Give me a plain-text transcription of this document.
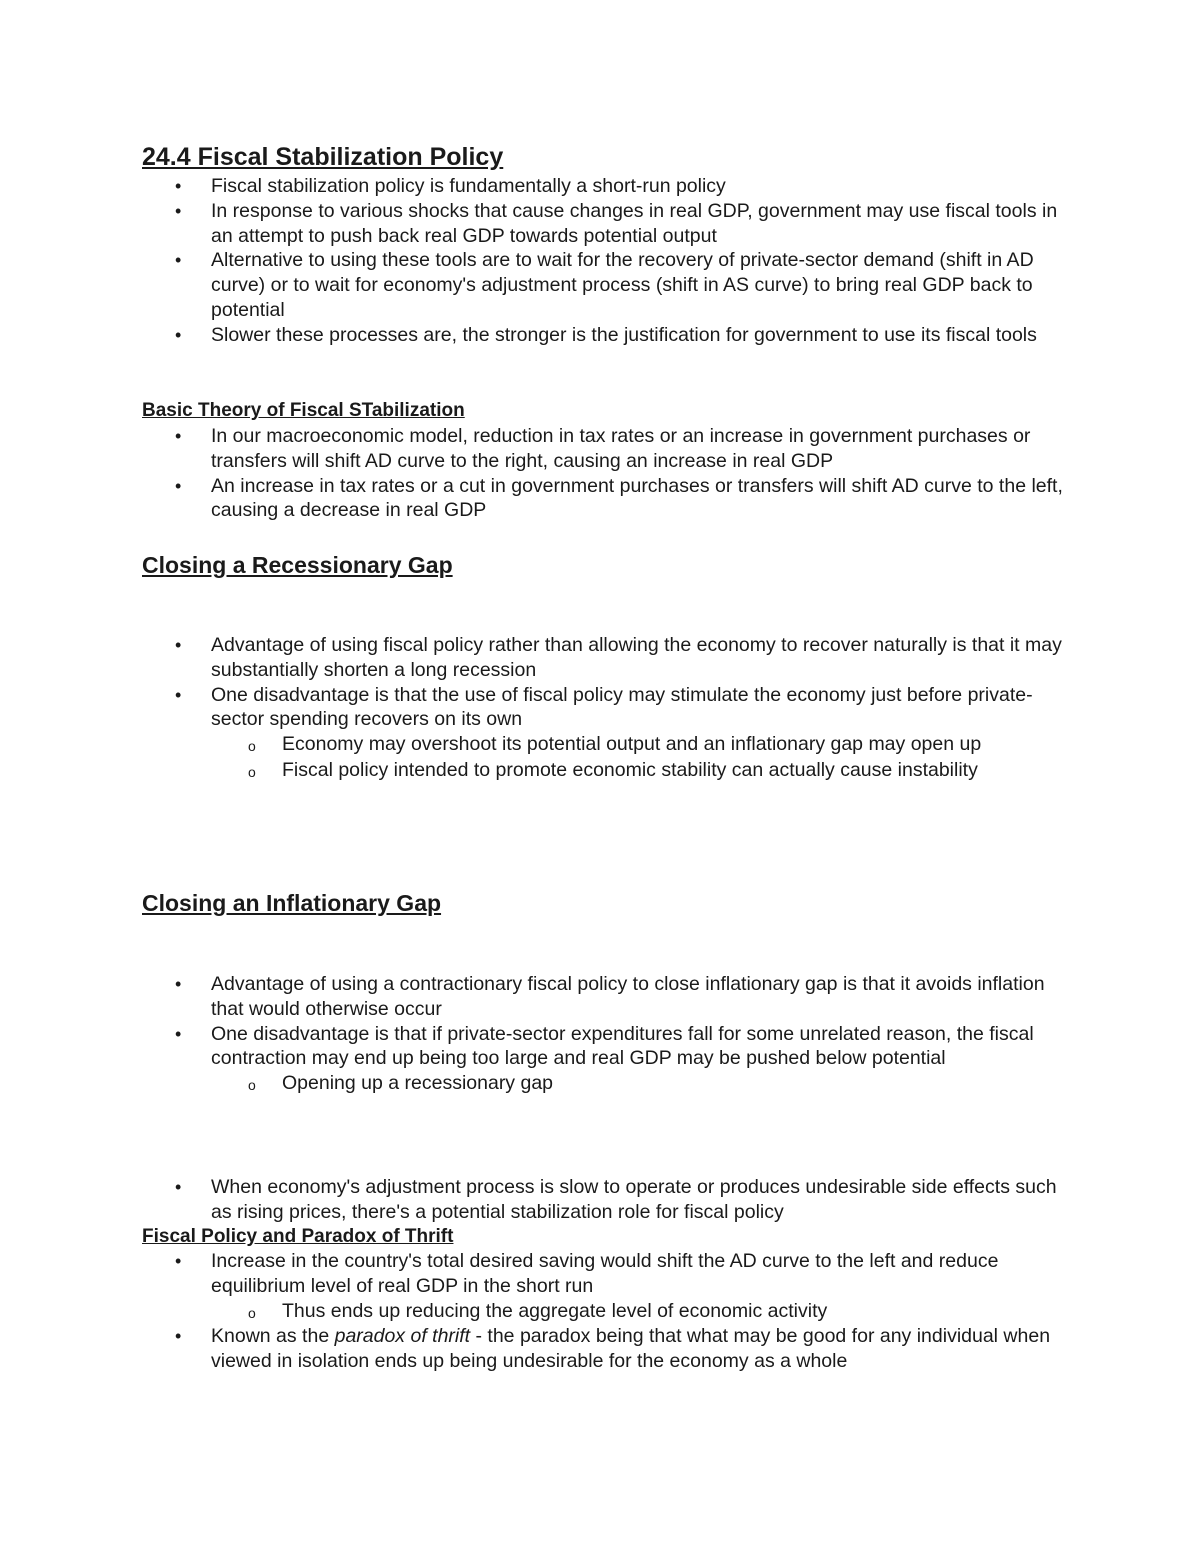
24.4 Fiscal Stabilization Policy
• Fiscal stabilization policy is fundamentally a short-run policy
• In response to various shocks that cause changes in real GDP, government may use fiscal tools in an attempt to push back real GDP towards potential output
• Alternative to using these tools are to wait for the recovery of private-sector demand (shift in AD curve) or to wait for economy's adjustment process (shift in AS curve) to bring real GDP back to potential
• Slower these processes are, the stronger is the justification for government to use its fiscal tools
Basic Theory of Fiscal STabilization
• In our macroeconomic model, reduction in tax rates or an increase in government purchases or transfers will shift AD curve to the right, causing an increase in real GDP
• An increase in tax rates or a cut in government purchases or transfers will shift AD curve to the left, causing a decrease in real GDP
Closing a Recessionary Gap
• Advantage of using fiscal policy rather than allowing the economy to recover naturally is that it may substantially shorten a long recession
• One disadvantage is that the use of fiscal policy may stimulate the economy just before private-sector spending recovers on its own
o Economy may overshoot its potential output and an inflationary gap may open up
o Fiscal policy intended to promote economic stability can actually cause instability
Closing an Inflationary Gap
• Advantage of using a contractionary fiscal policy to close inflationary gap is that it avoids inflation that would otherwise occur
• One disadvantage is that if private-sector expenditures fall for some unrelated reason, the fiscal contraction may end up being too large and real GDP may be pushed below potential
o Opening up a recessionary gap
• When economy's adjustment process is slow to operate or produces undesirable side effects such as rising prices, there's a potential stabilization role for fiscal policy
Fiscal Policy and Paradox of Thrift
• Increase in the country's total desired saving would shift the AD curve to the left and reduce equilibrium level of real GDP in the short run
o Thus ends up reducing the aggregate level of economic activity
• Known as the paradox of thrift - the paradox being that what may be good for any individual when viewed in isolation ends up being undesirable for the economy as a whole
